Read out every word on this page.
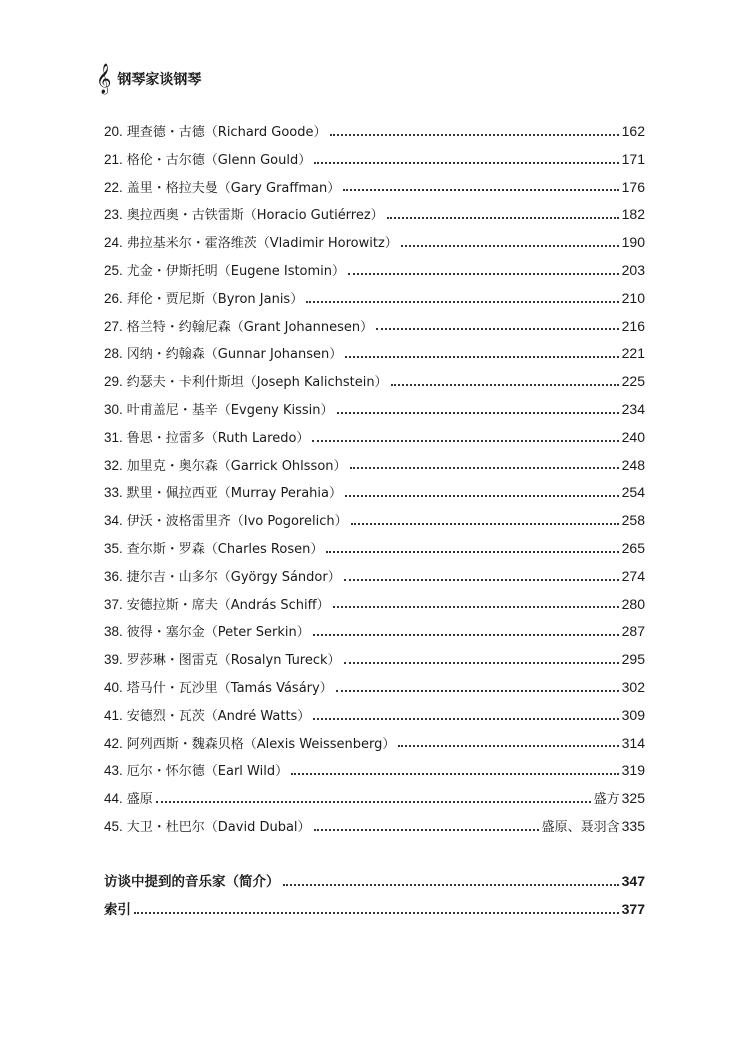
𝄞 钢琴家谈钢琴
20. 理查德・古德（Richard Goode）	162
21. 格伦・古尔德（Glenn Gould）	171
22. 盖里・格拉夫曼（Gary Graffman）	176
23. 奥拉西奥・古铁雷斯（Horacio Gutiérrez）	182
24. 弗拉基米尔・霍洛维茨（Vladimir Horowitz）	190
25. 尤金・伊斯托明（Eugene Istomin）	203
26. 拜伦・贾尼斯（Byron Janis）	210
27. 格兰特・约翰尼森（Grant Johannesen）	216
28. 冈纳・约翰森（Gunnar Johansen）	221
29. 约瑟夫・卡利什斯坦（Joseph Kalichstein）	225
30. 叶甫盖尼・基辛（Evgeny Kissin）	234
31. 鲁思・拉雷多（Ruth Laredo）	240
32. 加里克・奥尔森（Garrick Ohlsson）	248
33. 默里・佩拉西亚（Murray Perahia）	254
34. 伊沃・波格雷里齐（Ivo Pogorelich）	258
35. 查尔斯・罗森（Charles Rosen）	265
36. 捷尔吉・山多尔（György Sándor）	274
37. 安德拉斯・席夫（András Schiff）	280
38. 彼得・塞尔金（Peter Serkin）	287
39. 罗莎琳・图雷克（Rosalyn Tureck）	295
40. 塔马什・瓦沙里（Tamás Vásáry）	302
41. 安德烈・瓦茨（André Watts）	309
42. 阿列西斯・魏森贝格（Alexis Weissenberg）	314
43. 厄尔・怀尔德（Earl Wild）	319
44. 盛原	盛方 325
45. 大卫・杜巴尔（David Dubal）	盛原、聂羽含 335
访谈中提到的音乐家（简介）	347
索引	377
